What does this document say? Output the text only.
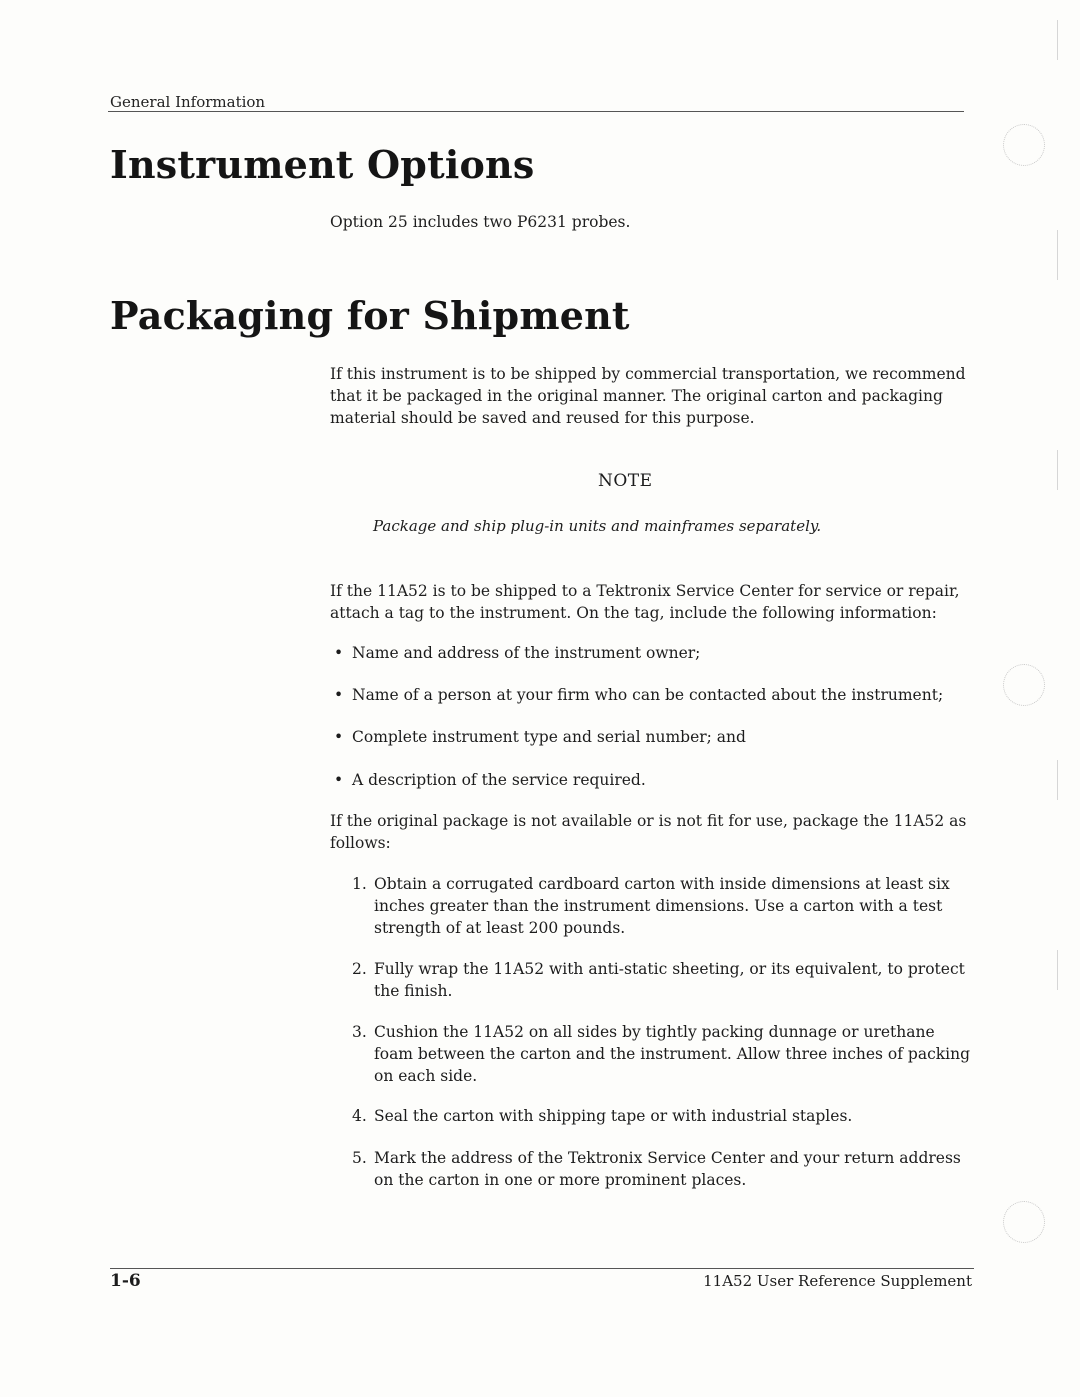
General Information
Instrument Options
Option 25 includes two P6231 probes.
Packaging for Shipment
If this instrument is to be shipped by commercial transportation, we recommend
that it be packaged in the original manner. The original carton and packaging
material should be saved and reused for this purpose.
NOTE
Package and ship plug-in units and mainframes separately.
If the 11A52 is to be shipped to a Tektronix Service Center for service or repair,
attach a tag to the instrument. On the tag, include the following information:
• Name and address of the instrument owner;
• Name of a person at your firm who can be contacted about the instrument;
• Complete instrument type and serial number; and
• A description of the service required.
If the original package is not available or is not fit for use, package the 11A52 as
follows:
1. Obtain a corrugated cardboard carton with inside dimensions at least six
inches greater than the instrument dimensions. Use a carton with a test
strength of at least 200 pounds.
2. Fully wrap the 11A52 with anti-static sheeting, or its equivalent, to protect
the finish.
3. Cushion the 11A52 on all sides by tightly packing dunnage or urethane
foam between the carton and the instrument. Allow three inches of packing
on each side.
4. Seal the carton with shipping tape or with industrial staples.
5. Mark the address of the Tektronix Service Center and your return address
on the carton in one or more prominent places.
1-6	11A52 User Reference Supplement
